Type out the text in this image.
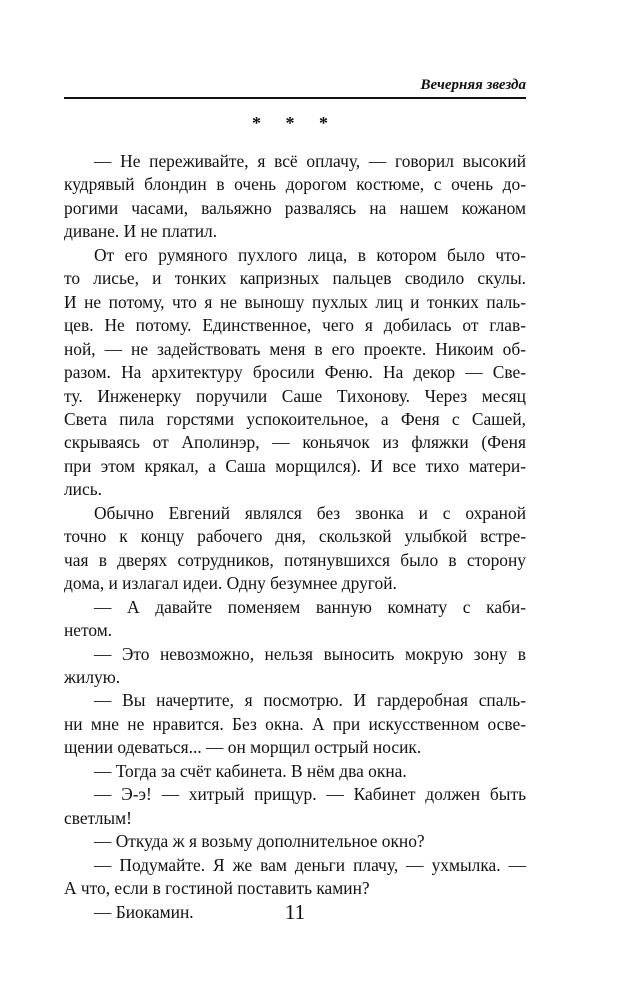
Вечерняя звезда
* * *
— Не переживайте, я всё оплачу, — говорил высокий
кудрявый блондин в очень дорогом костюме, с очень до-
рогими часами, вальяжно развалясь на нашем кожаном
диване. И не платил.
От его румяного пухлого лица, в котором было что-
то лисье, и тонких капризных пальцев сводило скулы.
И не потому, что я не выношу пухлых лиц и тонких паль-
цев. Не потому. Единственное, чего я добилась от глав-
ной, — не задействовать меня в его проекте. Никоим об-
разом. На архитектуру бросили Феню. На декор — Све-
ту. Инженерку поручили Саше Тихонову. Через месяц
Света пила горстями успокоительное, а Феня с Сашей,
скрываясь от Аполинэр, — коньячок из фляжки (Феня
при этом крякал, а Саша морщился). И все тихо матери-
лись.
Обычно Евгений являлся без звонка и с охраной
точно к концу рабочего дня, скользкой улыбкой встре-
чая в дверях сотрудников, потянувшихся было в сторону
дома, и излагал идеи. Одну безумнее другой.
— А давайте поменяем ванную комнату с каби-
нетом.
— Это невозможно, нельзя выносить мокрую зону в
жилую.
— Вы начертите, я посмотрю. И гардеробная спаль-
ни мне не нравится. Без окна. А при искусственном осве-
щении одеваться... — он морщил острый носик.
— Тогда за счёт кабинета. В нём два окна.
— Э-э! — хитрый прищур. — Кабинет должен быть
светлым!
— Откуда ж я возьму дополнительное окно?
— Подумайте. Я же вам деньги плачу, — ухмылка. —
А что, если в гостиной поставить камин?
— Биокамин.	11
